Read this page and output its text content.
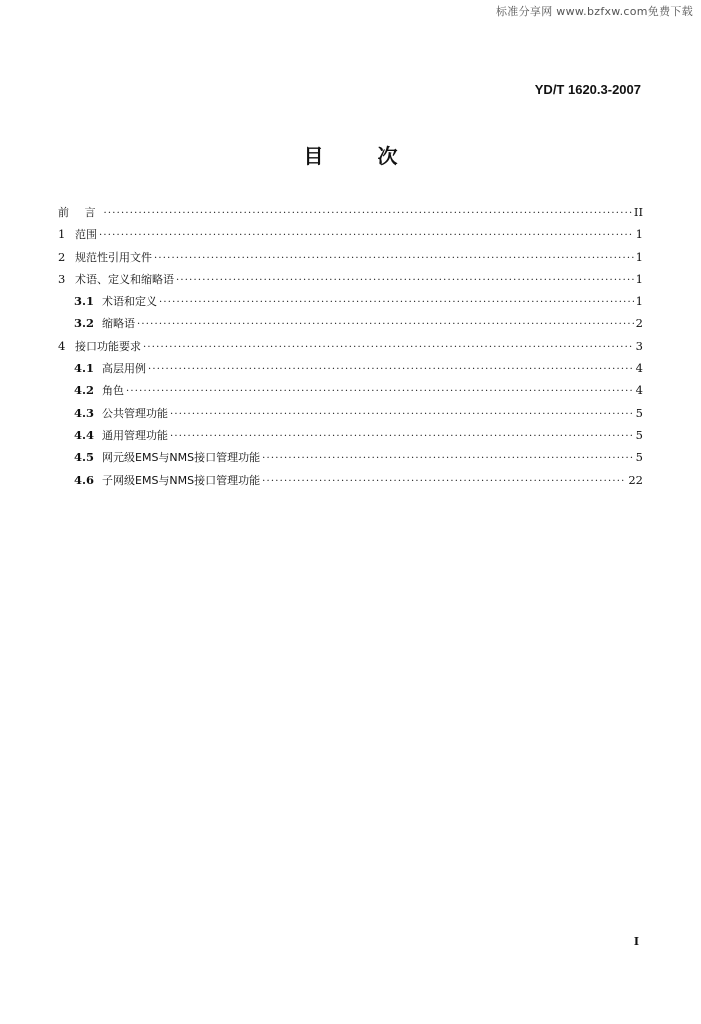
标准分享网 www.bzfxw.com免费下载
YD/T 1620.3-2007
目	次
前 言 ·····	II
1 范围 ·····	1
2 规范性引用文件 ·····	1
3 术语、定义和缩略语 ·····	1
3.1 术语和定义 ·····	1
3.2 缩略语 ·····	2
4 接口功能要求 ·····	3
4.1 高层用例 ·····	4
4.2 角色 ·····	4
4.3 公共管理功能 ·····	5
4.4 通用管理功能 ·····	5
4.5 网元级EMS与NMS接口管理功能 ·····	5
4.6 子网级EMS与NMS接口管理功能 ·····	22
I
